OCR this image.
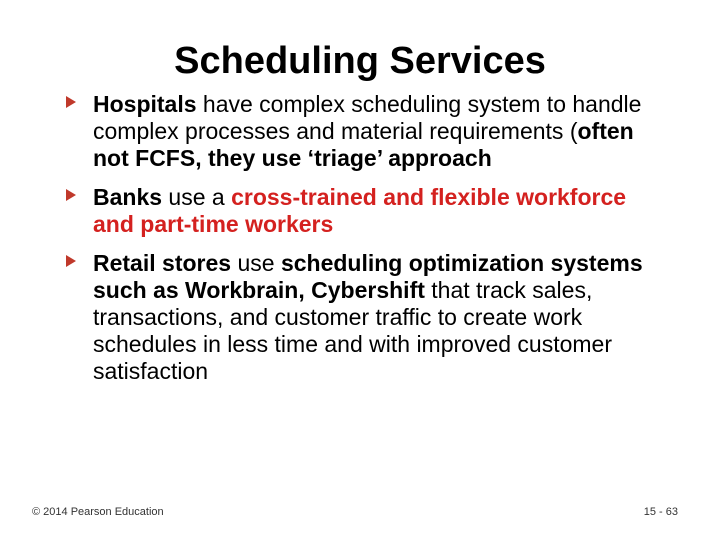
Scheduling Services
Hospitals have complex scheduling system to handle complex processes and material requirements (often not FCFS, they use ‘triage’ approach
Banks use a cross-trained and flexible workforce and part-time workers
Retail stores use scheduling optimization systems such as Workbrain, Cybershift that track sales, transactions, and customer traffic to create work schedules in less time and with improved customer satisfaction
© 2014 Pearson Education	15 - 63
